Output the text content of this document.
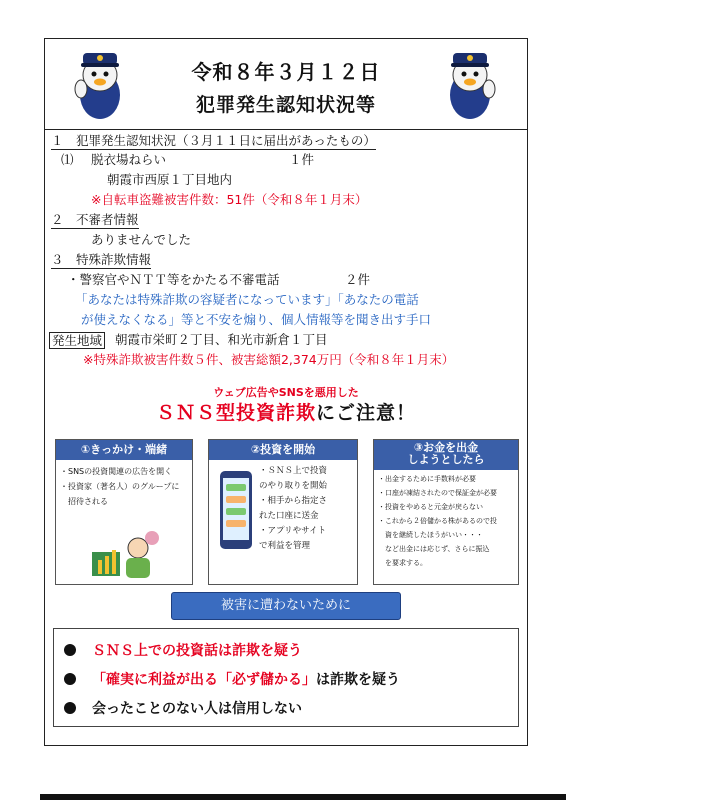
令和８年３月１２日
犯罪発生認知状況等
１　犯罪発生認知状況（３月１１日に届出があったもの）
⑴ 脱衣場ねらい	１件
朝霞市西原１丁目地内
※自転車盗難被害件数：51件（令和８年１月末）
２　不審者情報
ありませんでした
３　特殊詐欺情報
・警察官やＮＴＴ等をかたる不審電話	２件
「あなたは特殊詐欺の容疑者になっています」「あなたの電話
が使えなくなる」等と不安を煽り、個人情報等を聞き出す手口
発生地域 朝霞市栄町２丁目、和光市新倉１丁目
※特殊詐欺被害件数５件、被害総額2,374万円（令和８年１月末）
ウェブ広告やSNSを悪用した
ＳＮＳ型投資詐欺にご注意！
①きっかけ・端緒
・SNSの投資関連の広告を開く
・投資家（著名人）のグループに
　招待される
②投資を開始
・ＳＮＳ上で投資
のやり取りを開始
・相手から指定さ
れた口座に送金
・アプリやサイト
で利益を管理
③お金を出金
しようとしたら
・出金するために手数料が必要
・口座が凍結されたので保証金が必要
・投資をやめると元金が戻らない
・これから２倍儲かる株があるので投
　資を継続したほうがいい・・・
　など出金には応じず、さらに振込
　を要求する。
被害に遭わないために
ＳＮＳ上での投資話は詐欺を疑う
「確実に利益が出る「必ず儲かる」は詐欺を疑う
会ったことのない人は信用しない
